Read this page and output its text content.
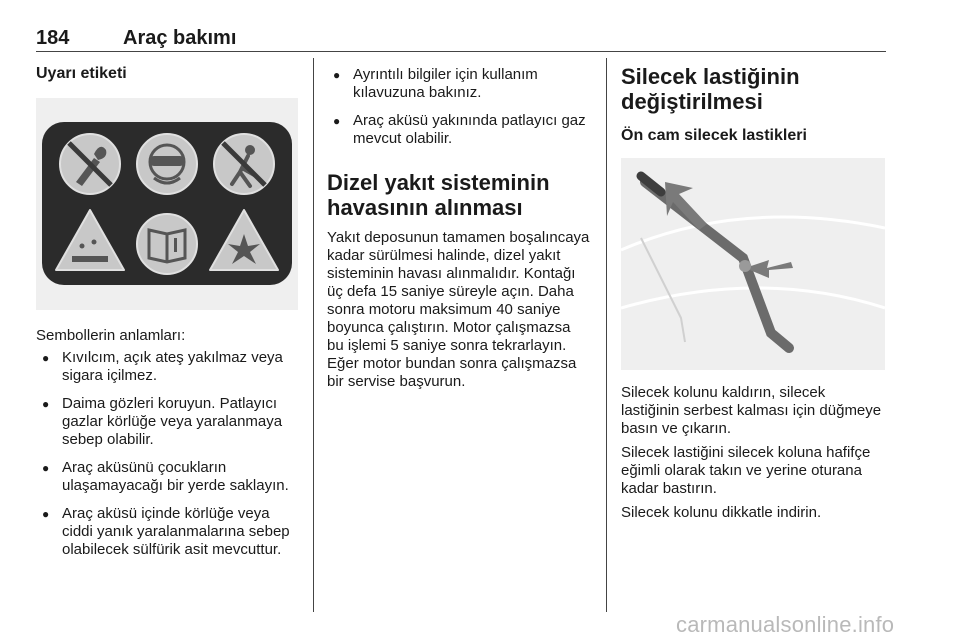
184	Araç bakımı
Uyarı etiketi

Sembollerin anlamları:

● Kıvılcım, açık ateş yakılmaz veya sigara içilmez.
● Daima gözleri koruyun. Patlayıcı gazlar körlüğe veya yaralanmaya sebep olabilir.
● Araç aküsünü çocukların ulaşamayacağı bir yerde saklayın.
● Araç aküsü içinde körlüğe veya ciddi yanık yaralanmalarına sebep olabilecek sülfürik asit mevcuttur.
● Ayrıntılı bilgiler için kullanım kılavuzuna bakınız.
● Araç aküsü yakınında patlayıcı gaz mevcut olabilir.
Dizel yakıt sisteminin havasının alınması

Yakıt deposunun tamamen boşalıncaya kadar sürülmesi halinde, dizel yakıt sisteminin havası alınmalıdır. Kontağı üç defa 15 saniye süreyle açın. Daha sonra motoru maksimum 40 saniye boyunca çalıştırın. Motor çalışmazsa bu işlemi 5 saniye sonra tekrarlayın. Eğer motor bundan sonra çalışmazsa bir servise başvurun.

Silecek lastiğinin değiştirilmesi
Ön cam silecek lastikleri

Silecek kolunu kaldırın, silecek lastiğinin serbest kalması için düğmeye basın ve çıkarın.

Silecek lastiğini silecek koluna hafifçe eğimli olarak takın ve yerine oturana kadar bastırın.

Silecek kolunu dikkatle indirin.

carmanualsonline.info
